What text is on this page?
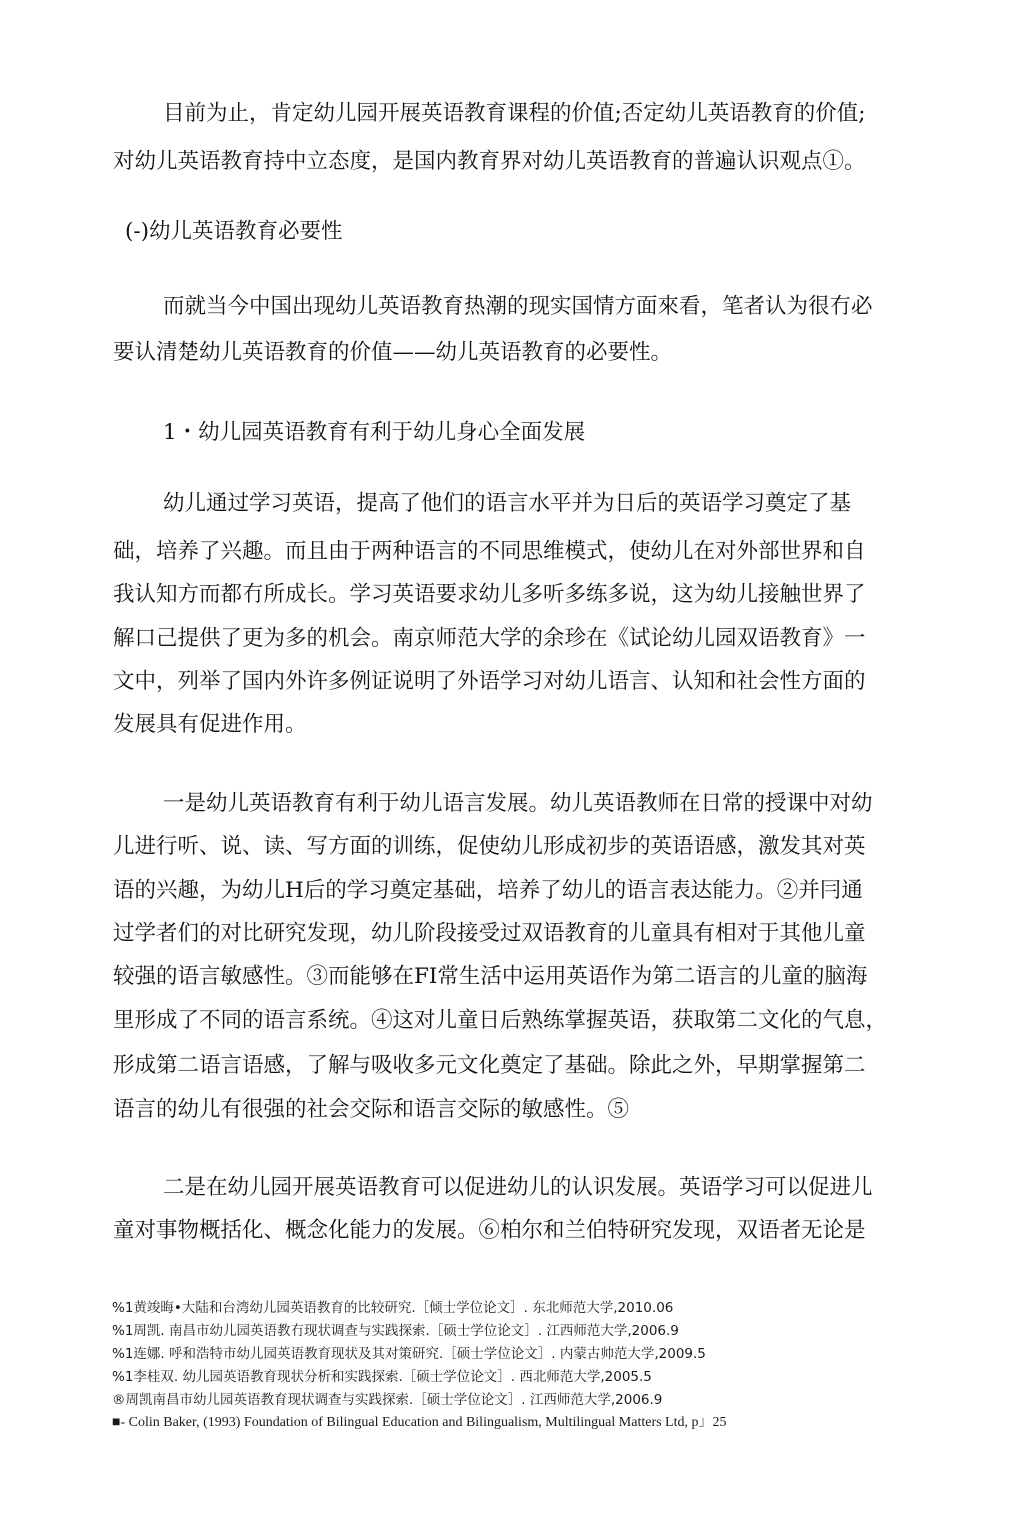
目前为止，肯定幼儿园开展英语教育课程的价值;否定幼儿英语教育的价值;
对幼儿英语教育持中立态度，是国内教育界对幼儿英语教育的普遍认识观点①。
(-)幼儿英语教育必要性
而就当今中国出现幼儿英语教育热潮的现实国情方面來看，笔者认为很冇必
要认清楚幼儿英语教育的价值——幼儿英语教育的必要性。
1・幼儿园英语教育有利于幼儿身心全面发展
幼儿通过学习英语，提高了他们的语言水平并为日后的英语学习奠定了基
础，培养了兴趣。而且由于两种语言的不同思维模式，使幼儿在对外部世界和自
我认知方而都冇所成长。学习英语要求幼儿多听多练多说，这为幼儿接触世界了
解口己提供了更为多的机会。南京师范大学的余珍在《试论幼儿园双语教育》一
文中，列举了国内外许多例证说明了外语学习对幼儿语言、认知和社会性方面的
发展具有促进作用。
一是幼儿英语教育有利于幼儿语言发展。幼儿英语教师在日常的授课中对幼
儿进行听、说、读、写方面的训练，促使幼儿形成初步的英语语感，激发其对英
语的兴趣，为幼儿H后的学习奠定基础，培养了幼儿的语言表达能力。②并冃通
过学者们的对比研究发现，幼儿阶段接受过双语教育的儿童具有相对于其他儿童
较强的语言敏感性。③而能够在FI常生活中运用英语作为第二语言的儿童的脑海
里形成了不同的语言系统。④这对儿童日后熟练掌握英语，获取第二文化的气息，
形成第二语言语感，了解与吸收多元文化奠定了基础。除此之外，早期掌握第二
语言的幼儿有很强的社会交际和语言交际的敏感性。⑤
二是在幼儿园开展英语教育可以促进幼儿的认识发展。英语学习可以促进儿
童对事物概括化、概念化能力的发展。⑥柏尔和兰伯特研究发现，双语者无论是
%1黄竣晦•大陆和台湾幼儿园英语教育的比较研究.［倾士学位论文］. 东北师范大学,2010.06
%1周凯. 南昌市幼儿园英语教冇现状调查与实践探索.［硕士学位论文］. 江西师范大学,2006.9
%1连娜. 呼和浩特市幼儿园英语教育现状及其对策研究.［硕士学位论文］. 内蒙古帅范大学,2009.5
%1李桂双. 幼儿园英语教育现状分析和实践探索.［硕士学位论文］. 西北师范大学,2005.5
®周凯南昌市幼儿园英语教育现状调查与实践探索.［硕士学位论文］. 江西师范大学,2006.9
■- Colin Baker, (1993) Foundation of Bilingual Education and Bilingualism, Multilingual Matters Ltd, p」25
